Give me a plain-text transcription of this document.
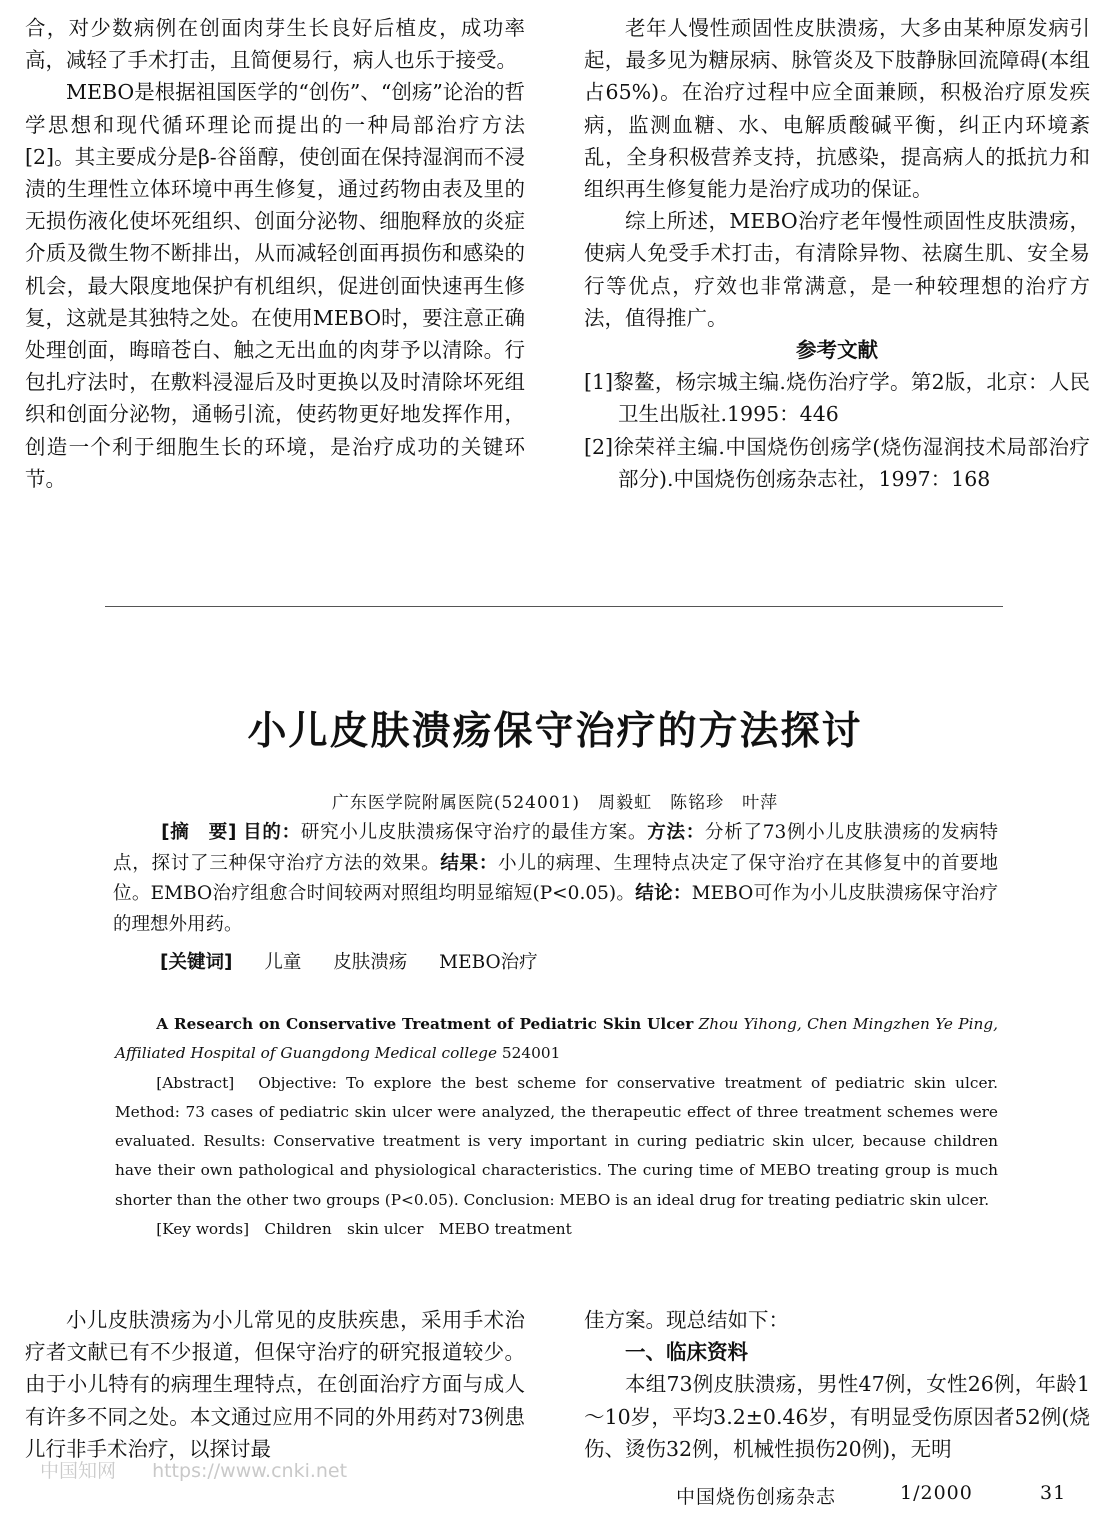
合，对少数病例在创面肉芽生长良好后植皮，成功率高，减轻了手术打击，且简便易行，病人也乐于接受。

MEBO是根据祖国医学的“创伤”、“创疡”论治的哲学思想和现代循环理论而提出的一种局部治疗方法[2]。其主要成分是β-谷甾醇，使创面在保持湿润而不浸渍的生理性立体环境中再生修复，通过药物由表及里的无损伤液化使坏死组织、创面分泌物、细胞释放的炎症介质及微生物不断排出，从而减轻创面再损伤和感染的机会，最大限度地保护有机组织，促进创面快速再生修复，这就是其独特之处。在使用MEBO时，要注意正确处理创面，晦暗苍白、触之无出血的肉芽予以清除。行包扎疗法时，在敷料浸湿后及时更换以及时清除坏死组织和创面分泌物，通畅引流，使药物更好地发挥作用，创造一个利于细胞生长的环境，是治疗成功的关键环节。

老年人慢性顽固性皮肤溃疡，大多由某种原发病引起，最多见为糖尿病、脉管炎及下肢静脉回流障碍(本组占65%)。在治疗过程中应全面兼顾，积极治疗原发疾病，监测血糖、水、电解质酸碱平衡，纠正内环境紊乱，全身积极营养支持，抗感染，提高病人的抵抗力和组织再生修复能力是治疗成功的保证。

综上所述，MEBO治疗老年慢性顽固性皮肤溃疡，使病人免受手术打击，有清除异物、祛腐生肌、安全易行等优点，疗效也非常满意，是一种较理想的治疗方法，值得推广。

参考文献

[1]黎鳌，杨宗城主编.烧伤治疗学。第2版，北京：人民卫生出版社.1995：446

[2]徐荣祥主编.中国烧伤创疡学(烧伤湿润技术局部治疗部分).中国烧伤创疡杂志社，1997：168

小儿皮肤溃疡保守治疗的方法探讨
广东医学院附属医院(524001)　周毅虹　陈铭珍　叶萍

[摘　要] 目的：研究小儿皮肤溃疡保守治疗的最佳方案。方法：分析了73例小儿皮肤溃疡的发病特点，探讨了三种保守治疗方法的效果。结果：小儿的病理、生理特点决定了保守治疗在其修复中的首要地位。EMBO治疗组愈合时间较两对照组均明显缩短(P<0.05)。结论：MEBO可作为小儿皮肤溃疡保守治疗的理想外用药。

[关键词] 儿童 皮肤溃疡 MEBO治疗

A Research on Conservative Treatment of Pediatric Skin Ulcer Zhou Yihong, Chen Mingzhen Ye Ping, Affiliated Hospital of Guangdong Medical college 524001

[Abstract]　Objective: To explore the best scheme for conservative treatment of pediatric skin ulcer. Method: 73 cases of pediatric skin ulcer were analyzed, the therapeutic effect of three treatment schemes were evaluated. Results: Conservative treatment is very important in curing pediatric skin ulcer, because children have their own pathological and physiological characteristics. The curing time of MEBO treating group is much shorter than the other two groups (P<0.05). Conclusion: MEBO is an ideal drug for treating pediatric skin ulcer.

[Key words]　Children　skin ulcer　MEBO treatment

小儿皮肤溃疡为小儿常见的皮肤疾患，采用手术治疗者文献已有不少报道，但保守治疗的研究报道较少。由于小儿特有的病理生理特点，在创面治疗方面与成人有许多不同之处。本文通过应用不同的外用药对73例患儿行非手术治疗，以探讨最

佳方案。现总结如下：

一、临床资料

本组73例皮肤溃疡，男性47例，女性26例，年龄1～10岁，平均3.2±0.46岁，有明显受伤原因者52例(烧伤、烫伤32例，机械性损伤20例)，无明

中国知网 https://www.cnki.net
中国烧伤创疡杂志	1/2000	31
